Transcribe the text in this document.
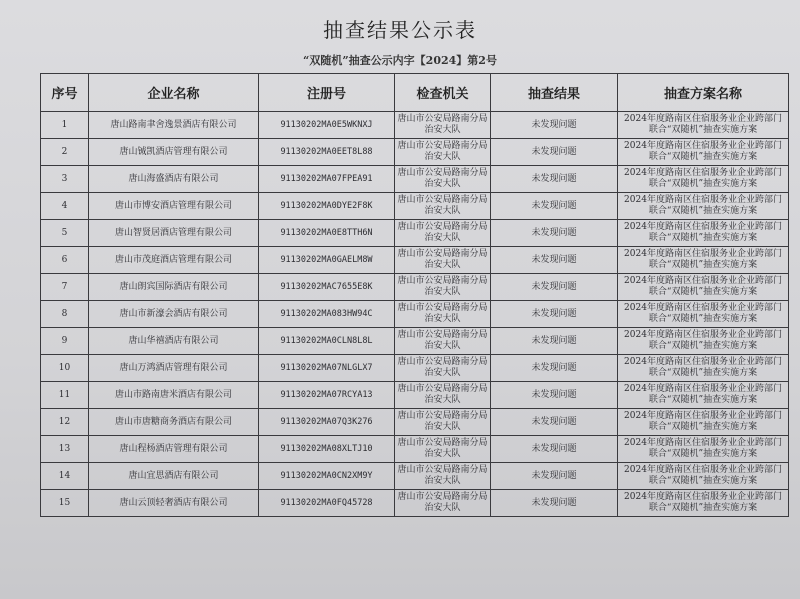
抽查结果公示表
“双随机”抽查公示内字【2024】第2号
序号	企业名称	注册号	检查机关	抽查结果	抽查方案名称
1	唐山路南聿舍逸景酒店有限公司	91130202MA0E5WKNXJ	唐山市公安局路南分局治安大队	未发现问题	2024年度路南区住宿服务业企业跨部门联合“双随机”抽查实施方案
2	唐山铖凯酒店管理有限公司	91130202MA0EET8L88	唐山市公安局路南分局治安大队	未发现问题	2024年度路南区住宿服务业企业跨部门联合“双随机”抽查实施方案
3	唐山海盛酒店有限公司	91130202MA07FPEA91	唐山市公安局路南分局治安大队	未发现问题	2024年度路南区住宿服务业企业跨部门联合“双随机”抽查实施方案
4	唐山市博安酒店管理有限公司	91130202MA0DYE2F8K	唐山市公安局路南分局治安大队	未发现问题	2024年度路南区住宿服务业企业跨部门联合“双随机”抽查实施方案
5	唐山智贤居酒店管理有限公司	91130202MA0E8TTH6N	唐山市公安局路南分局治安大队	未发现问题	2024年度路南区住宿服务业企业跨部门联合“双随机”抽查实施方案
6	唐山市茂庭酒店管理有限公司	91130202MA0GAELM8W	唐山市公安局路南分局治安大队	未发现问题	2024年度路南区住宿服务业企业跨部门联合“双随机”抽查实施方案
7	唐山朗宾国际酒店有限公司	91130202MAC7655E8K	唐山市公安局路南分局治安大队	未发现问题	2024年度路南区住宿服务业企业跨部门联合“双随机”抽查实施方案
8	唐山市新濠会酒店有限公司	91130202MA083HW94C	唐山市公安局路南分局治安大队	未发现问题	2024年度路南区住宿服务业企业跨部门联合“双随机”抽查实施方案
9	唐山华禧酒店有限公司	91130202MA0CLN8L8L	唐山市公安局路南分局治安大队	未发现问题	2024年度路南区住宿服务业企业跨部门联合“双随机”抽查实施方案
10	唐山万鸿酒店管理有限公司	91130202MA07NLGLX7	唐山市公安局路南分局治安大队	未发现问题	2024年度路南区住宿服务业企业跨部门联合“双随机”抽查实施方案
11	唐山市路南唐米酒店有限公司	91130202MA07RCYA13	唐山市公安局路南分局治安大队	未发现问题	2024年度路南区住宿服务业企业跨部门联合“双随机”抽查实施方案
12	唐山市唐糖商务酒店有限公司	91130202MA07Q3K276	唐山市公安局路南分局治安大队	未发现问题	2024年度路南区住宿服务业企业跨部门联合“双随机”抽查实施方案
13	唐山程杨酒店管理有限公司	91130202MA08XLTJ10	唐山市公安局路南分局治安大队	未发现问题	2024年度路南区住宿服务业企业跨部门联合“双随机”抽查实施方案
14	唐山宜思酒店有限公司	91130202MA0CN2XM9Y	唐山市公安局路南分局治安大队	未发现问题	2024年度路南区住宿服务业企业跨部门联合“双随机”抽查实施方案
15	唐山云顶轻奢酒店有限公司	91130202MA0FQ45728	唐山市公安局路南分局治安大队	未发现问题	2024年度路南区住宿服务业企业跨部门联合“双随机”抽查实施方案
